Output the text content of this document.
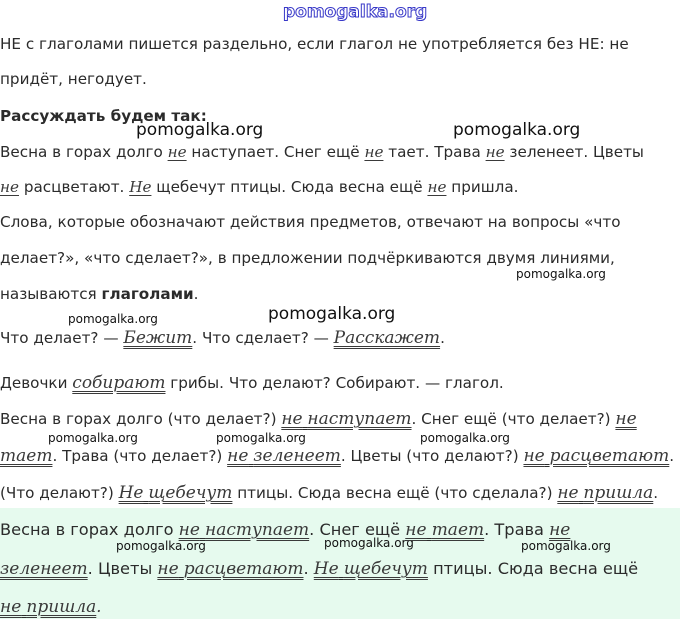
pomogalka.org
pomogalka.org	pomogalka.org
pomogalka.org
pomogalka.org
pomogalka.org
pomogalka.org	pomogalka.org	pomogalka.org
pomogalka.org	pomogalka.org	pomogalka.org
НЕ с глаголами пишется раздельно, если глагол не употребляется без НЕ: не
придёт, негодует.
Рассуждать будем так:
Весна в горах долго не наступает. Снег ещё не тает. Трава не зеленеет. Цветы
не расцветают. Не щебечут птицы. Сюда весна ещё не пришла.
Слова, которые обозначают действия предметов, отвечают на вопросы «что
делает?», «что сделает?», в предложении подчёркиваются двумя линиями,
называются глаголами.
Что делает? — Бежит. Что сделает? — Расскажет.
Девочки собирают грибы. Что делают? Собирают. — глагол.
Весна в горах долго (что делает?) не наступает. Снег ещё (что делает?) не
тает. Трава (что делает?) не зеленеет. Цветы (что делают?) не расцветают.
(Что делают?) Не щебечут птицы. Сюда весна ещё (что сделала?) не пришла.
Весна в горах долго не наступает. Снег ещё не тает. Трава не
зеленеет. Цветы не расцветают. Не щебечут птицы. Сюда весна ещё
не пришла.
